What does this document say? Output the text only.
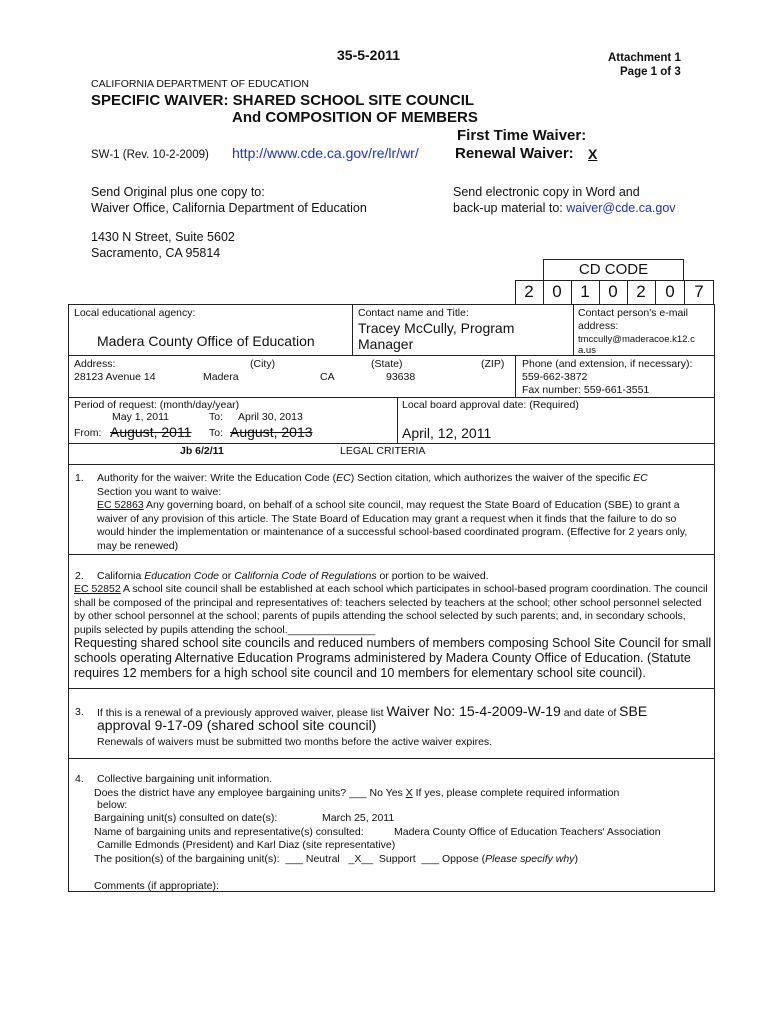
35-5-2011	Attachment 1
Page 1 of 3
CALIFORNIA DEPARTMENT OF EDUCATION
SPECIFIC WAIVER: SHARED SCHOOL SITE COUNCIL
And COMPOSITION OF MEMBERS
First Time Waiver:
SW-1 (Rev. 10-2-2009) http://www.cde.ca.gov/re/lr/wr/ Renewal Waiver: X
Send Original plus one copy to:
Waiver Office, California Department of Education
1430 N Street, Suite 5602
Sacramento, CA 95814
Send electronic copy in Word and
back-up material to: waiver@cde.ca.gov
CD CODE
2	0	1	0	2	0	7
Local educational agency:
Madera County Office of Education
Contact name and Title:
Tracey McCully, Program
Manager
Contact person's e-mail
address:
tmccully@maderacoe.k12.c
a.us
Address:	(City)	(State)	(ZIP)
28123 Avenue 14	Madera	CA	93638
Phone (and extension, if necessary):
559-662-3872
Fax number: 559-661-3551
Period of request: (month/day/year)
May 1, 2011	To: April 30, 2013
From: August, 2011 To: August, 2013
Local board approval date: (Required)
April, 12, 2011
Jb 6/2/11	LEGAL CRITERIA
1. Authority for the waiver: Write the Education Code (EC) Section citation, which authorizes the waiver of the specific EC
Section you want to waive:
EC 52863 Any governing board, on behalf of a school site council, may request the State Board of Education (SBE) to grant a waiver of any provision of this article. The State Board of Education may grant a request when it finds that the failure to do so would hinder the implementation or maintenance of a successful school-based coordinated program. (Effective for 2 years only, may be renewed)
2. California Education Code or California Code of Regulations or portion to be waived.
EC 52852 A school site council shall be established at each school which participates in school-based program coordination. The council shall be composed of the principal and representatives of: teachers selected by teachers at the school; other school personnel selected by other school personnel at the school; parents of pupils attending the school selected by such parents; and, in secondary schools, pupils selected by pupils attending the school._______________
Requesting shared school site councils and reduced numbers of members composing School Site Council for small schools operating Alternative Education Programs administered by Madera County Office of Education. (Statute requires 12 members for a high school site council and 10 members for elementary school site council).
3. If this is a renewal of a previously approved waiver, please list Waiver No: 15-4-2009-W-19 and date of SBE
approval 9-17-09 (shared school site council)
Renewals of waivers must be submitted two months before the active waiver expires.
4. Collective bargaining unit information.
Does the district have any employee bargaining units? ___ No Yes X If yes, please complete required information
below:
Bargaining unit(s) consulted on date(s):	March 25, 2011
Name of bargaining units and representative(s) consulted:	Madera County Office of Education Teachers' Association
Camille Edmonds (President) and Karl Diaz (site representative)
The position(s) of the bargaining unit(s): ___ Neutral _X__ Support ___ Oppose (Please specify why)
Comments (if appropriate):
